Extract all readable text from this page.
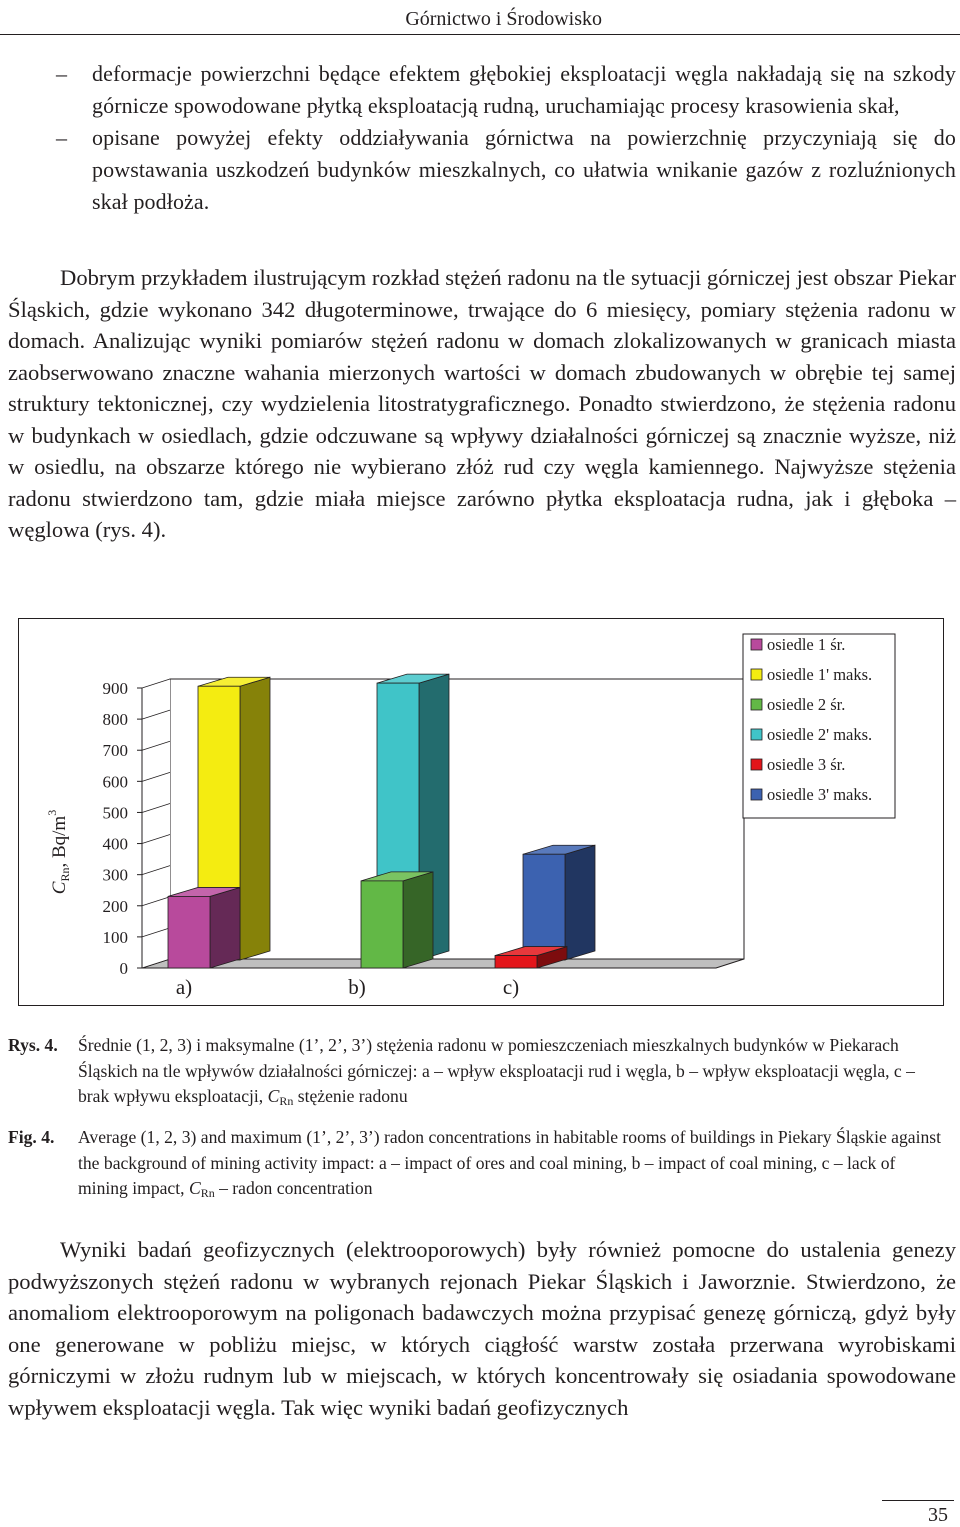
Górnictwo i Środowisko
–	deformacje powierzchni będące efektem głębokiej eksploatacji węgla nakładają się na szkody górnicze spowodowane płytką eksploatacją rudną, uruchamiając procesy krasowienia skał,
–	opisane powyżej efekty oddziaływania górnictwa na powierzchnię przyczyniają się do powstawania uszkodzeń budynków mieszkalnych, co ułatwia wnikanie gazów z rozluźnionych skał podłoża.
Dobrym przykładem ilustrującym rozkład stężeń radonu na tle sytuacji górniczej jest obszar Piekar Śląskich, gdzie wykonano 342 długoterminowe, trwające do 6 miesięcy, pomiary stężenia radonu w domach. Analizując wyniki pomiarów stężeń radonu w domach zlokalizowanych w granicach miasta zaobserwowano znaczne wahania mierzonych wartości w domach zbudowanych w obrębie tej samej struktury tektonicznej, czy wydzielenia litostratygraficznego. Ponadto stwierdzono, że stężenia radonu w budynkach w osiedlach, gdzie odczuwane są wpływy działalności górniczej są znacznie wyższe, niż w osiedlu, na obszarze którego nie wybierano złóż rud czy węgla kamiennego. Najwyższe stężenia radonu stwierdzono tam, gdzie miała miejsce zarówno płytka eksploatacja rudna, jak i głęboka – węglowa (rys. 4).
0
100
200
300
400
500
600
700
800
900
$C_{Rn}$, $Bq/m^3$
a)	b)	c)
osiedle 1 śr.
osiedle 1' maks.
osiedle 2 śr.
osiedle 2' maks.
osiedle 3 śr.
osiedle 3' maks.
Rys. 4. Średnie (1, 2, 3) i maksymalne (1’, 2’, 3’) stężenia radonu w pomieszczeniach mieszkalnych budynków w Piekarach Śląskich na tle wpływów działalności górniczej: a – wpływ eksploatacji rud i węgla, b – wpływ eksploatacji węgla, c – brak wpływu eksploatacji, $C_{Rn}$ stężenie radonu
Fig. 4. Average (1, 2, 3) and maximum (1’, 2’, 3’) radon concentrations in habitable rooms of buildings in Piekary Śląskie against the background of mining activity impact: a – impact of ores and coal mining, b – impact of coal mining, c – lack of mining impact, $C_{Rn}$ – radon concentration
Wyniki badań geofizycznych (elektrooporowych) były również pomocne do ustalenia genezy podwyższonych stężeń radonu w wybranych rejonach Piekar Śląskich i Jaworznie. Stwierdzono, że anomaliom elektrooporowym na poligonach badawczych można przypisać genezę górniczą, gdyż były one generowane w pobliżu miejsc, w których ciągłość warstw została przerwana wyrobiskami górniczymi w złożu rudnym lub w miejscach, w których koncentrowały się osiadania spowodowane wpływem eksploatacji węgla. Tak więc wyniki badań geofizycznych
35
